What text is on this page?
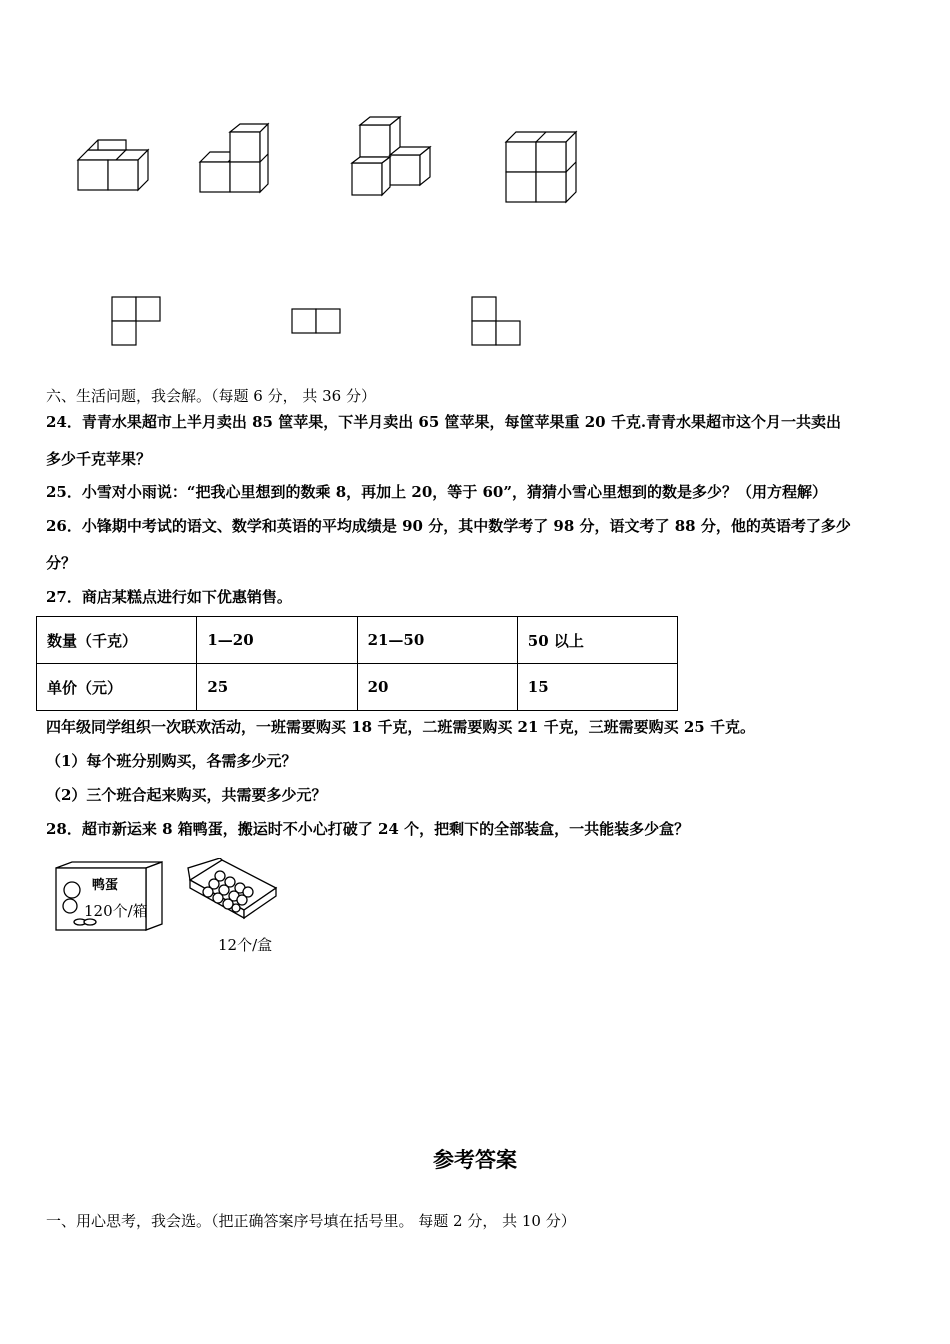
六、生活问题，我会解。（每题 6 分， 共 36 分）
24．青青水果超市上半月卖出 85 筐苹果，下半月卖出 65 筐苹果，每筐苹果重 20 千克.青青水果超市这个月一共卖出
多少千克苹果？
25．小雪对小雨说：“把我心里想到的数乘 8，再加上 20，等于 60”，猜猜小雪心里想到的数是多少？（用方程解）
26．小锋期中考试的语文、数学和英语的平均成绩是 90 分，其中数学考了 98 分，语文考了 88 分，他的英语考了多少
分？
27．商店某糕点进行如下优惠销售。
数量（千克）	1—20	21—50	50 以上
单价（元）	25	20	15
四年级同学组织一次联欢活动，一班需要购买 18 千克，二班需要购买 21 千克，三班需要购买 25 千克。
（1）每个班分别购买，各需多少元？
（2）三个班合起来购买，共需要多少元？
28．超市新运来 8 箱鸭蛋，搬运时不小心打破了 24 个，把剩下的全部装盒，一共能装多少盒？
鸭蛋
120个/箱
12个/盒
参考答案
一、用心思考，我会选。（把正确答案序号填在括号里。 每题 2 分， 共 10 分）
